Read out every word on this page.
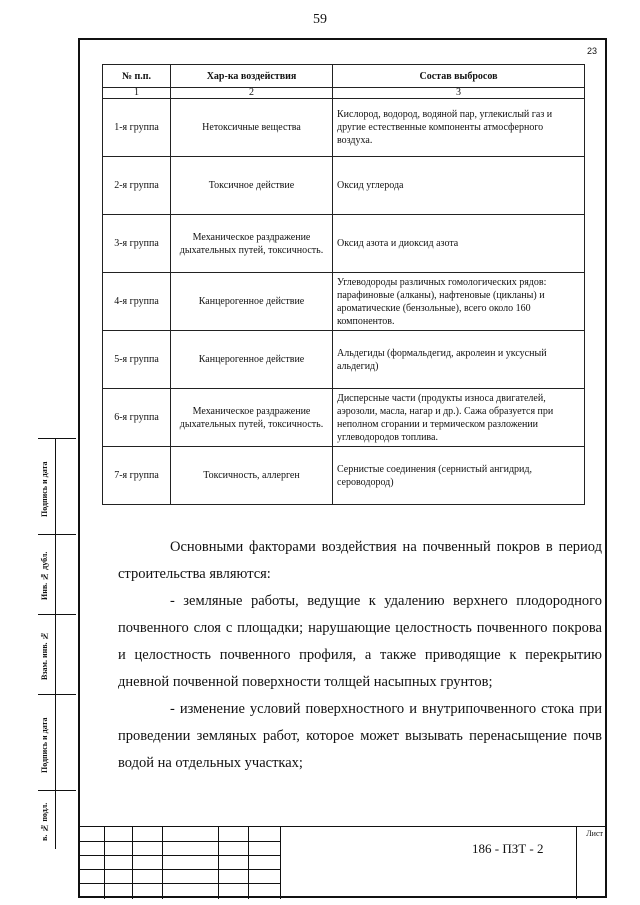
59
23
№ п.п.	Хар-ка воздействия	Состав выбросов
1	2	3
1-я группа	Нетоксичные вещества	Кислород, водород, водяной пар, углекислый газ и другие естественные компоненты атмосферного воздуха.
2-я группа	Токсичное действие	Оксид углерода
3-я группа	Механическое раздражение дыхательных путей, токсичность.	Оксид азота и диоксид азота
4-я группа	Канцерогенное действие	Углеводороды различных гомологических рядов: парафиновые (алканы), нафтеновые (цикланы) и ароматические (бензольные), всего около 160 компонентов.
5-я группа	Канцерогенное действие	Альдегиды (формальдегид, акролеин и уксусный альдегид)
6-я группа	Механическое раздражение дыхательных путей, токсичность.	Дисперсные части (продукты износа двигателей, аэрозоли, масла, нагар и др.). Сажа образуется при неполном сгорании и термическом разложении углеводородов топлива.
7-я группа	Токсичность, аллерген	Сернистые соединения (сернистый ангидрид, сероводород)

Основными факторами воздействия на почвенный покров в период строительства являются:

- земляные работы, ведущие к удалению верхнего плодородного почвенного слоя с площадки; нарушающие целостность почвенного покрова и целостность почвенного профиля, а также приводящие к перекрытию дневной почвенной поверхности толщей насыпных грунтов;

- изменение условий поверхностного и внутрипочвенного стока при проведении земляных работ, которое может вызывать перенасыщение почв водой на отдельных участках;

186 - ПЗТ - 2
Лист
Подпись и дата
Инв. № дубл.
Взам. инв. №
Подпись и дата
в. № подл.
